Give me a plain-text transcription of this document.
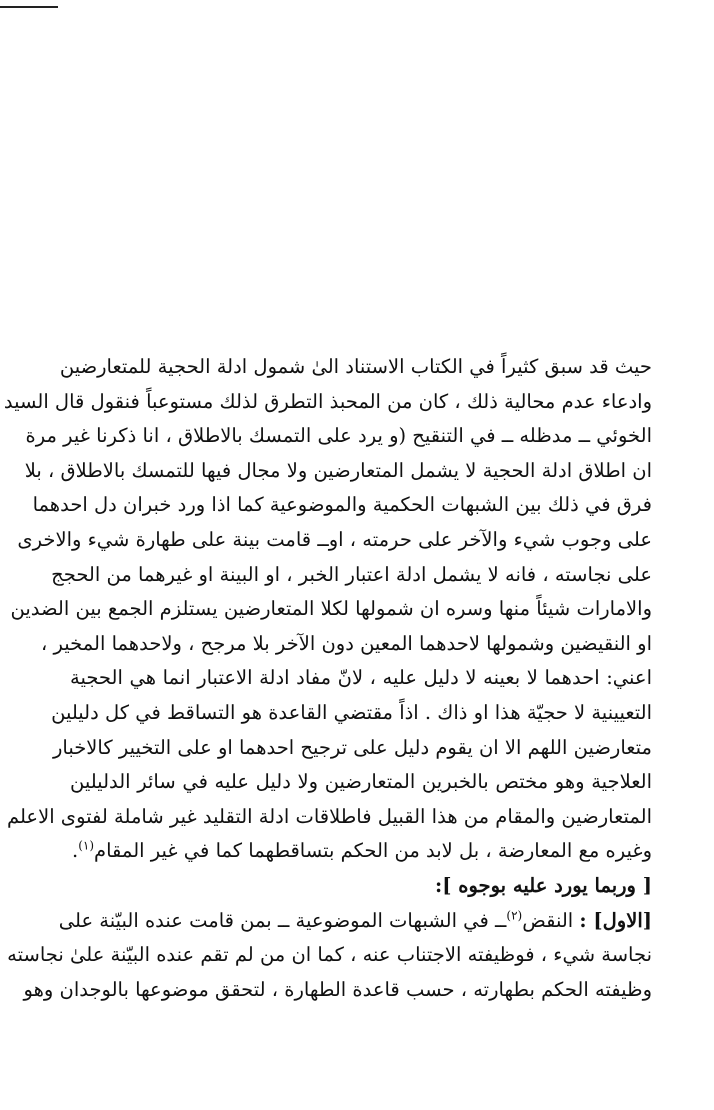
حيث قد سبق كثيراً في الكتاب الاستناد الىٰ شمول ادلة الحجية للمتعارضين
وادعاء عدم محالية ذلك ، كان من المحبذ التطرق لذلك مستوعباً فنقول قال السيد
الخوئي ــ مدظله ــ في التنقيح (و يرد على التمسك بالاطلاق ، انا ذكرنا غير مرة
ان اطلاق ادلة الحجية لا يشمل المتعارضين ولا مجال فيها للتمسك بالاطلاق ، بلا
فرق في ذلك بين الشبهات الحكمية والموضوعية كما اذا ورد خبران دل احدهما
على وجوب شيء والآخر على حرمته ، اوــ قامت بينة على طهارة شيء والاخرى
على نجاسته ، فانه لا يشمل ادلة اعتبار الخبر ، او البينة او غيرهما من الحجج
والامارات شيئاً منها وسره ان شمولها لكلا المتعارضين يستلزم الجمع بين الضدين
او النقيضين وشمولها لاحدهما المعين دون الآخر بلا مرجح ، ولاحدهما المخير ،
اعني: احدهما لا بعينه لا دليل عليه ، لانّ مفاد ادلة الاعتبار انما هي الحجية
التعيينية لا حجيّة هذا او ذاك . اذاً مقتضي القاعدة هو التساقط في كل دليلين
متعارضين اللهم الا ان يقوم دليل على ترجيح احدهما او على التخيير كالاخبار
العلاجية وهو مختص بالخبرين المتعارضين ولا دليل عليه في سائر الدليلين
المتعارضين والمقام من هذا القبيل فاطلاقات ادلة التقليد غير شاملة لفتوى الاعلم
وغيره مع المعارضة ، بل لابد من الحكم بتساقطهما كما في غير المقام$^{(١)}$.
[ وربما يورد عليه بوجوه ]:
[الاول] : النقض$^{(٢)}$ــ في الشبهات الموضوعية ــ بمن قامت عنده البيّنة على
نجاسة شيء ، فوظيفته الاجتناب عنه ، كما ان من لم تقم عنده البيّنة علىٰ نجاسته
وظيفته الحكم بطهارته ، حسب قاعدة الطهارة ، لتحقق موضوعها بالوجدان وهو
